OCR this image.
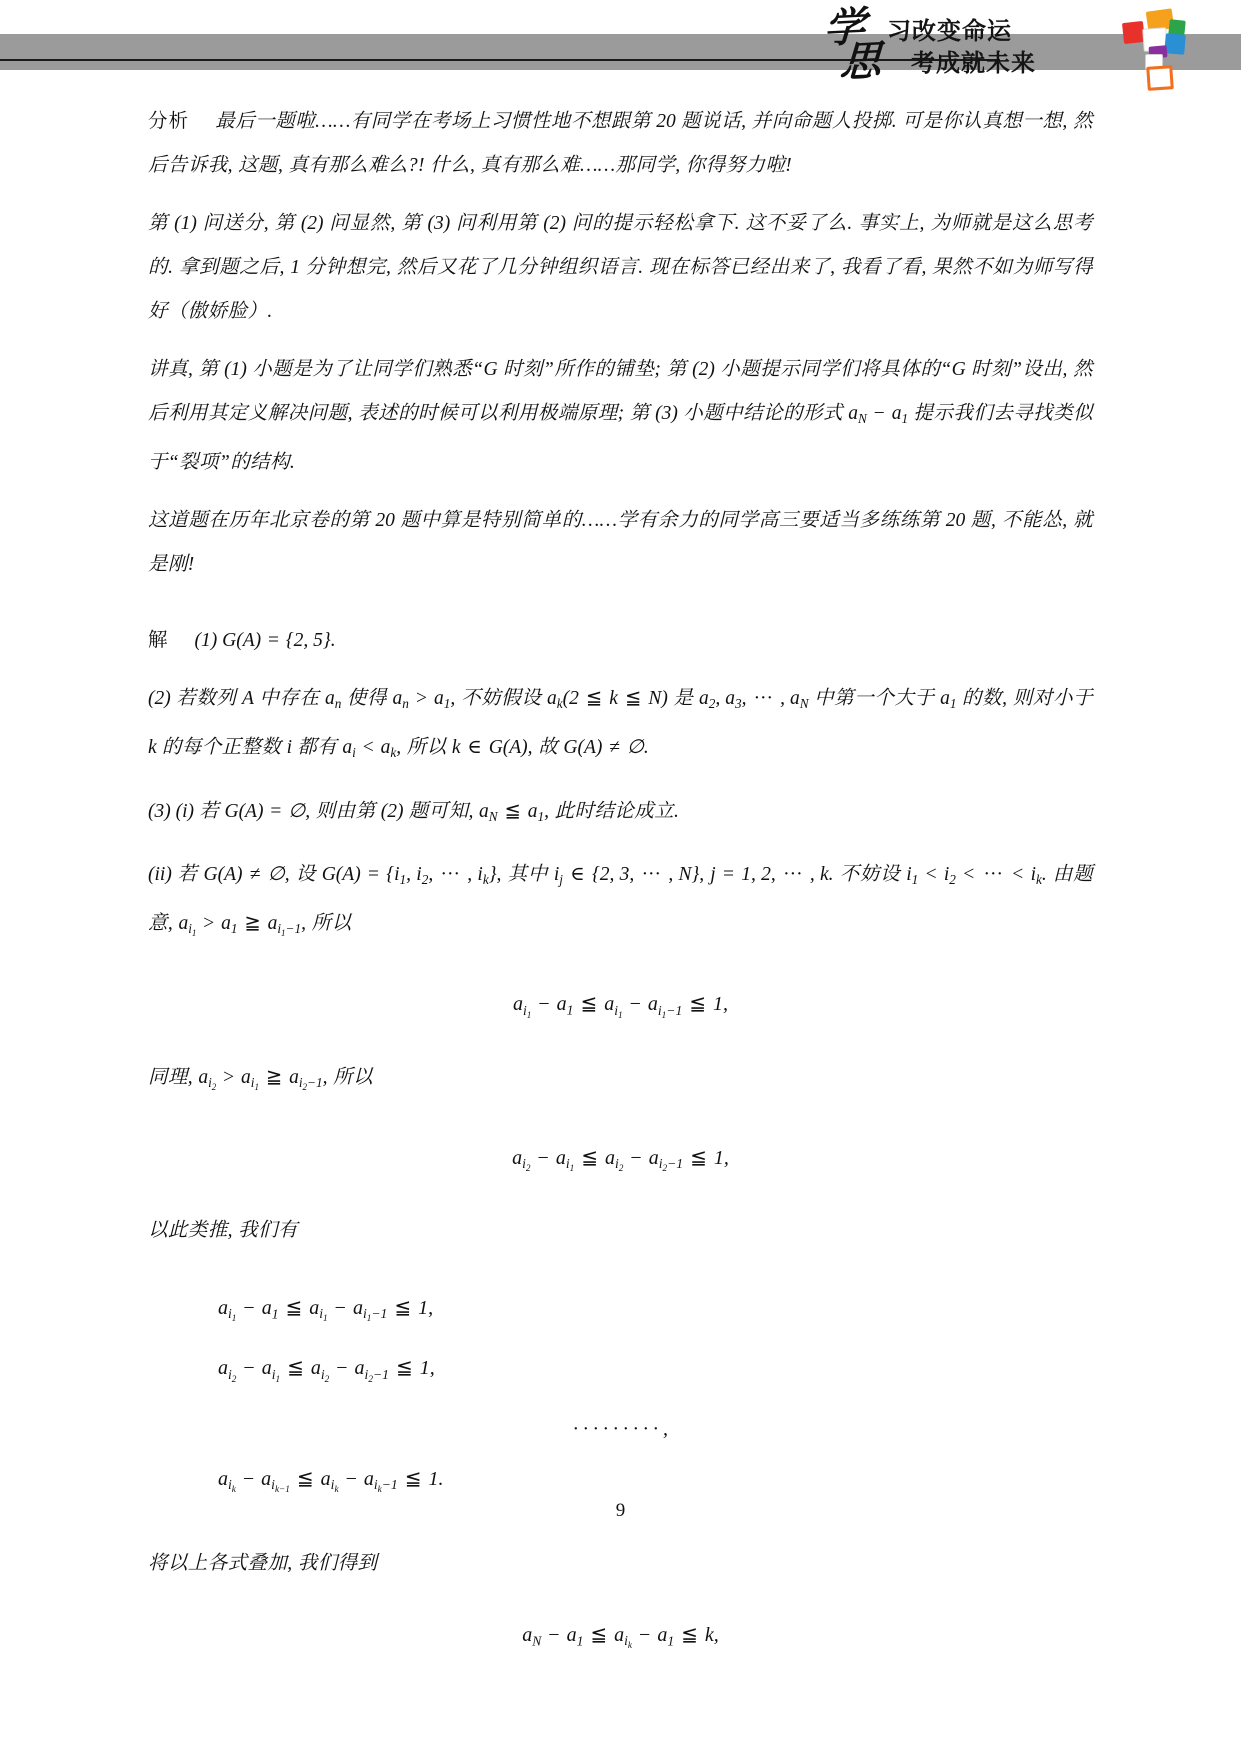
学
思
习改变命运
考成就未来

分析 最后一题啦……有同学在考场上习惯性地不想跟第 20 题说话, 并向命题人投掷. 可是你认真想一想, 然后告诉我, 这题, 真有那么难么?! 什么, 真有那么难……那同学, 你得努力啦!

第 (1) 问送分, 第 (2) 问显然, 第 (3) 问利用第 (2) 问的提示轻松拿下. 这不妥了么. 事实上, 为师就是这么思考的. 拿到题之后, 1 分钟想完, 然后又花了几分钟组织语言. 现在标答已经出来了, 我看了看, 果然不如为师写得好（傲娇脸）.

讲真, 第 (1) 小题是为了让同学们熟悉“G 时刻”所作的铺垫; 第 (2) 小题提示同学们将具体的“G 时刻”设出, 然后利用其定义解决问题, 表述的时候可以利用极端原理; 第 (3) 小题中结论的形式 $a_N - a_1$ 提示我们去寻找类似于“裂项”的结构.

这道题在历年北京卷的第 20 题中算是特别简单的……学有余力的同学高三要适当多练练第 20 题, 不能怂, 就是刚!

解 (1) G(A) = {2, 5}.

(2) 若数列 A 中存在 $a_n$ 使得 $a_n > a_1$, 不妨假设 $a_k(2$ ≦ k ≦ N) 是 $a_2$, $a_3$, ··· , $a_N$ 中第一个大于 $a_1$ 的数, 则对小于 k 的每个正整数 i 都有 $a_i < a_k$, 所以 k ∈ G(A), 故 G(A) ≠ ∅.

(3) (i) 若 G(A) = ∅, 则由第 (2) 题可知, $a_N$ ≦ $a_1$, 此时结论成立.

(ii) 若 G(A) ≠ ∅, 设 $G(A) = \{i_1$, $i_2$, ··· , $i_k$}, 其中 $i_j$ ∈ {2, 3, ··· , N}, j = 1, 2, ··· , k. 不妨设 $i_1 < i_2$ < ··· < $i_k$. 由题意, $a_{i_1} > a_1$ ≧ $a_{i_1-1}$, 所以

$a_{i_1} - a_1$ ≦ $a_{i_1} - a_{i_1-1}$ ≦ 1,

同理, $a_{i_2} > a_{i_1}$ ≧ $a_{i_2-1}$, 所以

$a_{i_2} - a_{i_1}$ ≦ $a_{i_2} - a_{i_2-1}$ ≦ 1,

以此类推, 我们有

$a_{i_1} - a_1$ ≦ $a_{i_1} - a_{i_1-1}$ ≦ 1,
$a_{i_2} - a_{i_1}$ ≦ $a_{i_2} - a_{i_2-1}$ ≦ 1,
· · · · · · · · · ,
$a_{i_k} - a_{i_{k-1}}$ ≦ $a_{i_k} - a_{i_k-1}$ ≦ 1.

将以上各式叠加, 我们得到

$a_N - a_1$ ≦ $a_{i_k} - a_1$ ≦ k,
9
